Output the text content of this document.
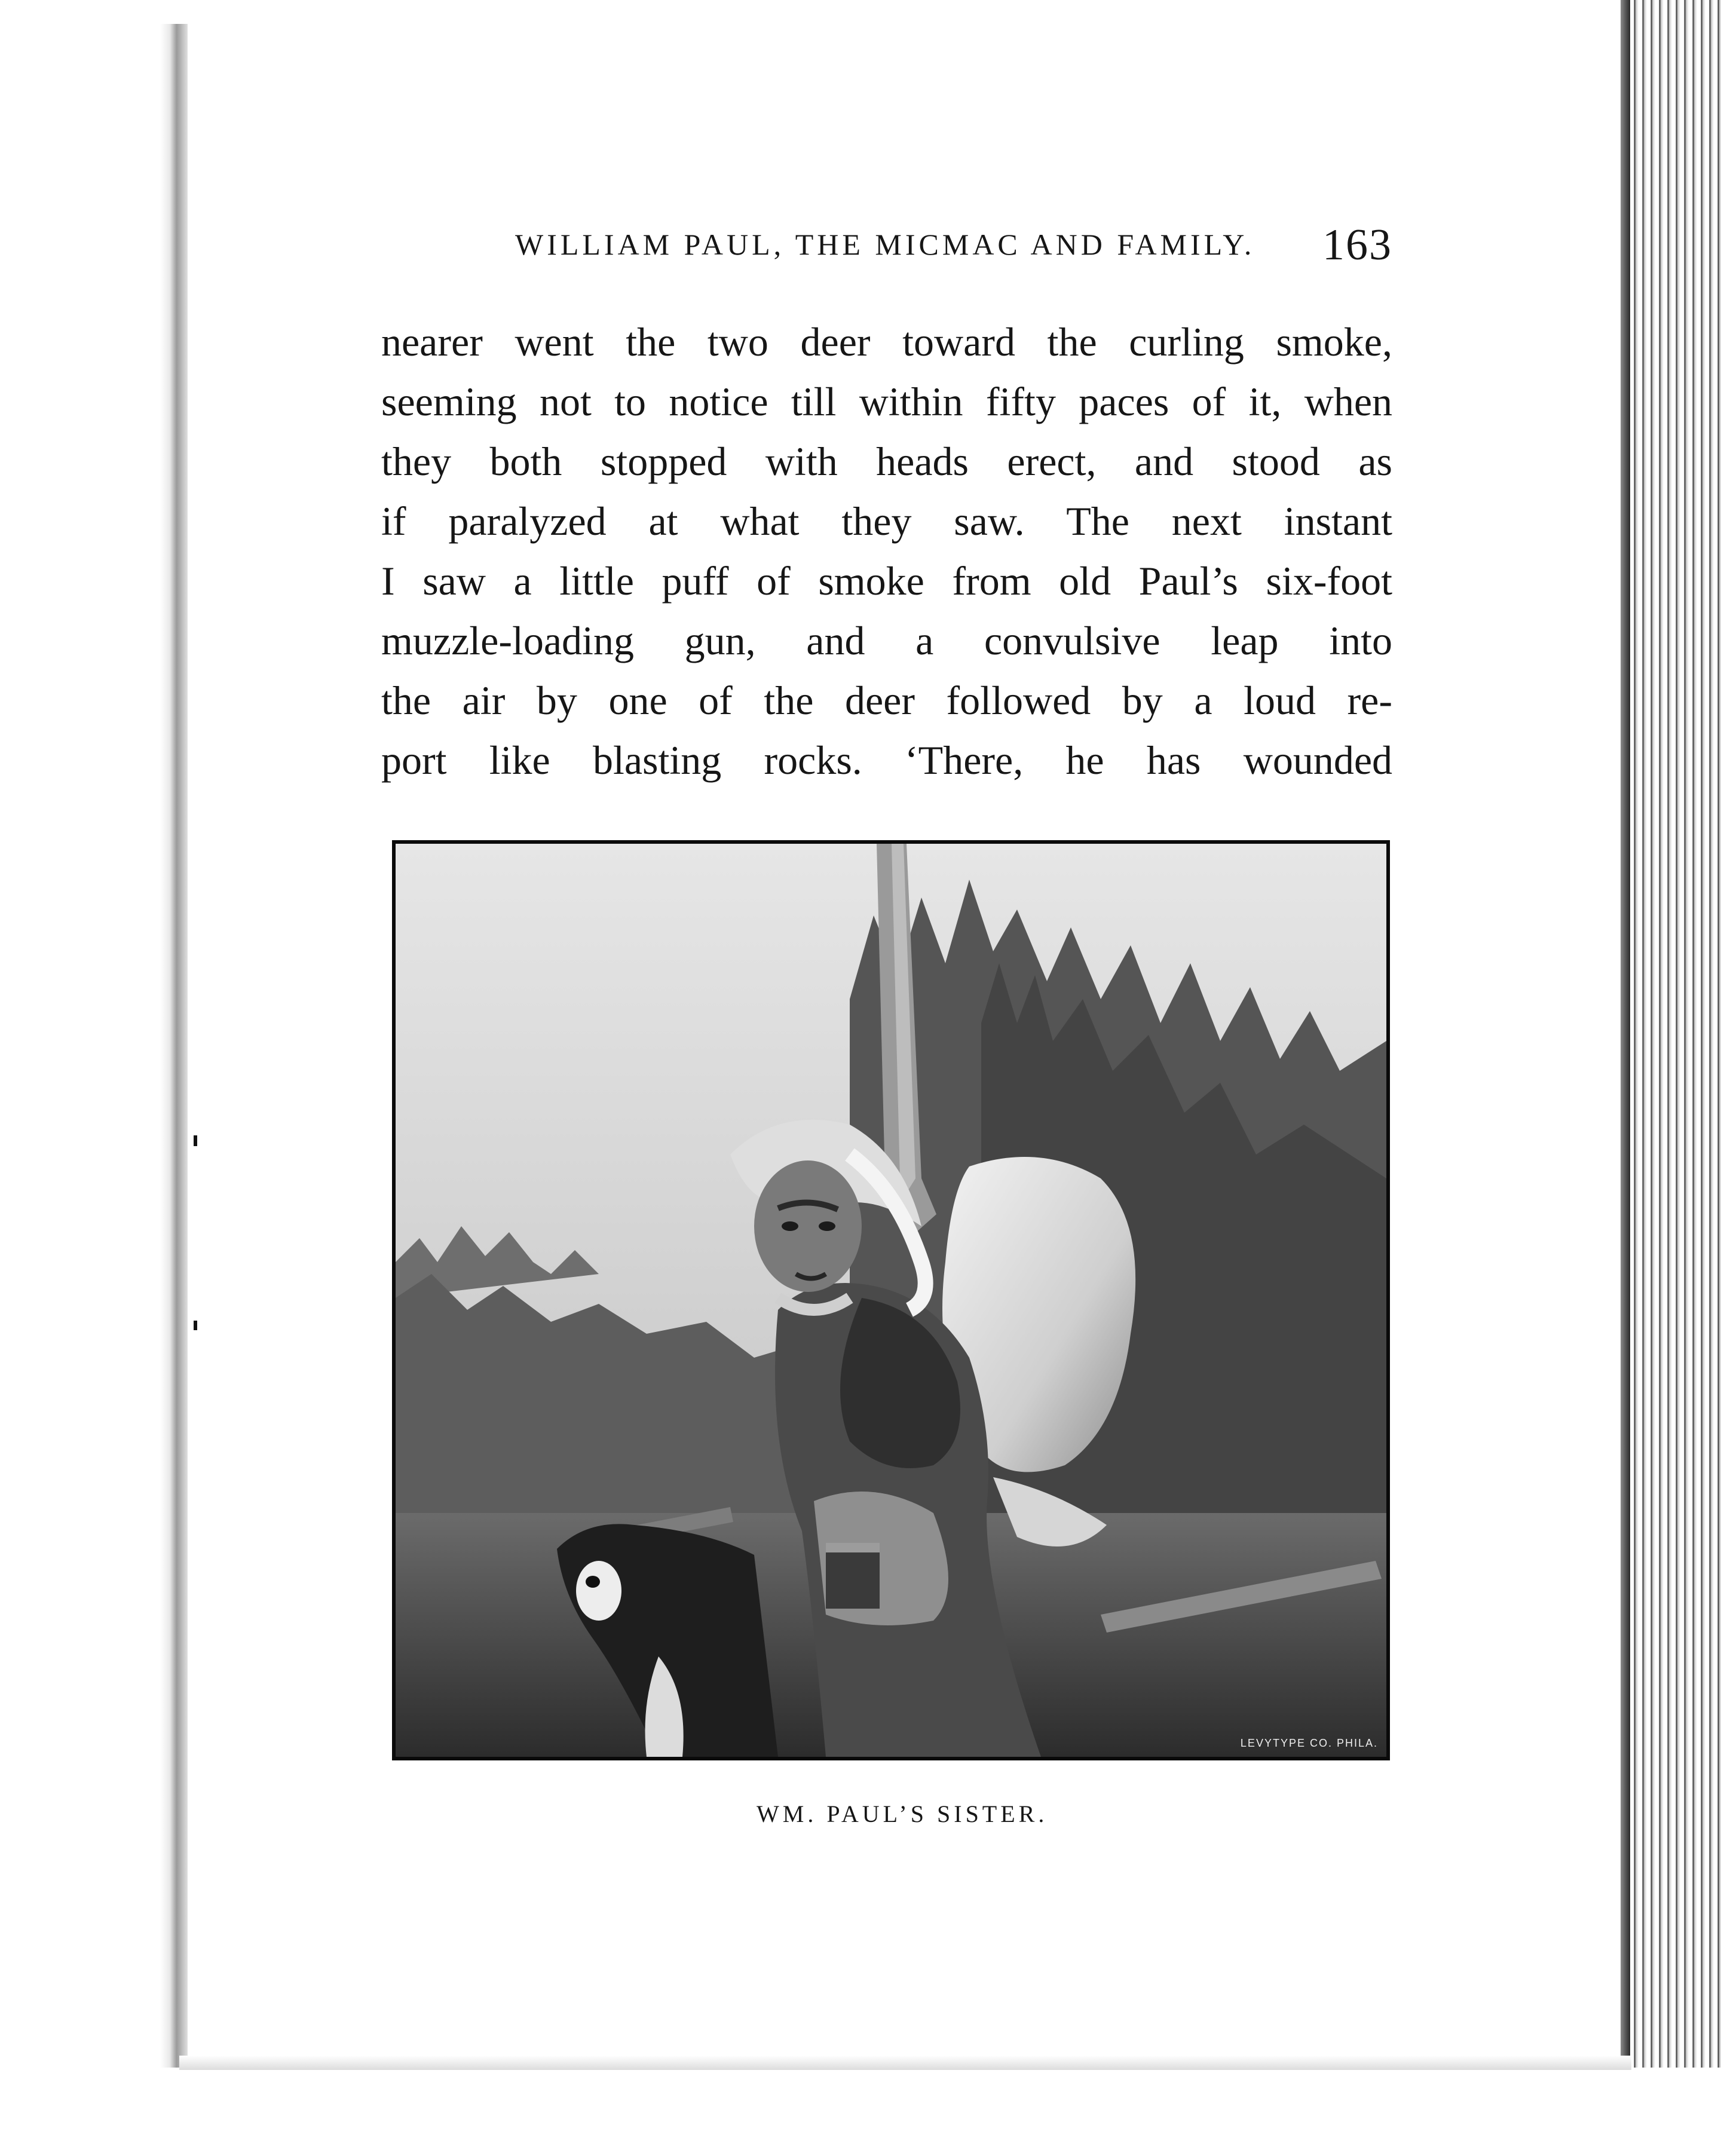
WILLIAM PAUL, THE MICMAC AND FAMILY. 163
nearer went the two deer toward the curling smoke,
seeming not to notice till within fifty paces of it, when
they both stopped with heads erect, and stood as
if paralyzed at what they saw. The next instant
I saw a little puff of smoke from old Paul’s six-foot
muzzle-loading gun, and a convulsive leap into
the air by one of the deer followed by a loud re-
port like blasting rocks. ‘There, he has wounded
LEVYTYPE CO. PHILA.
WM. PAUL’S SISTER.
